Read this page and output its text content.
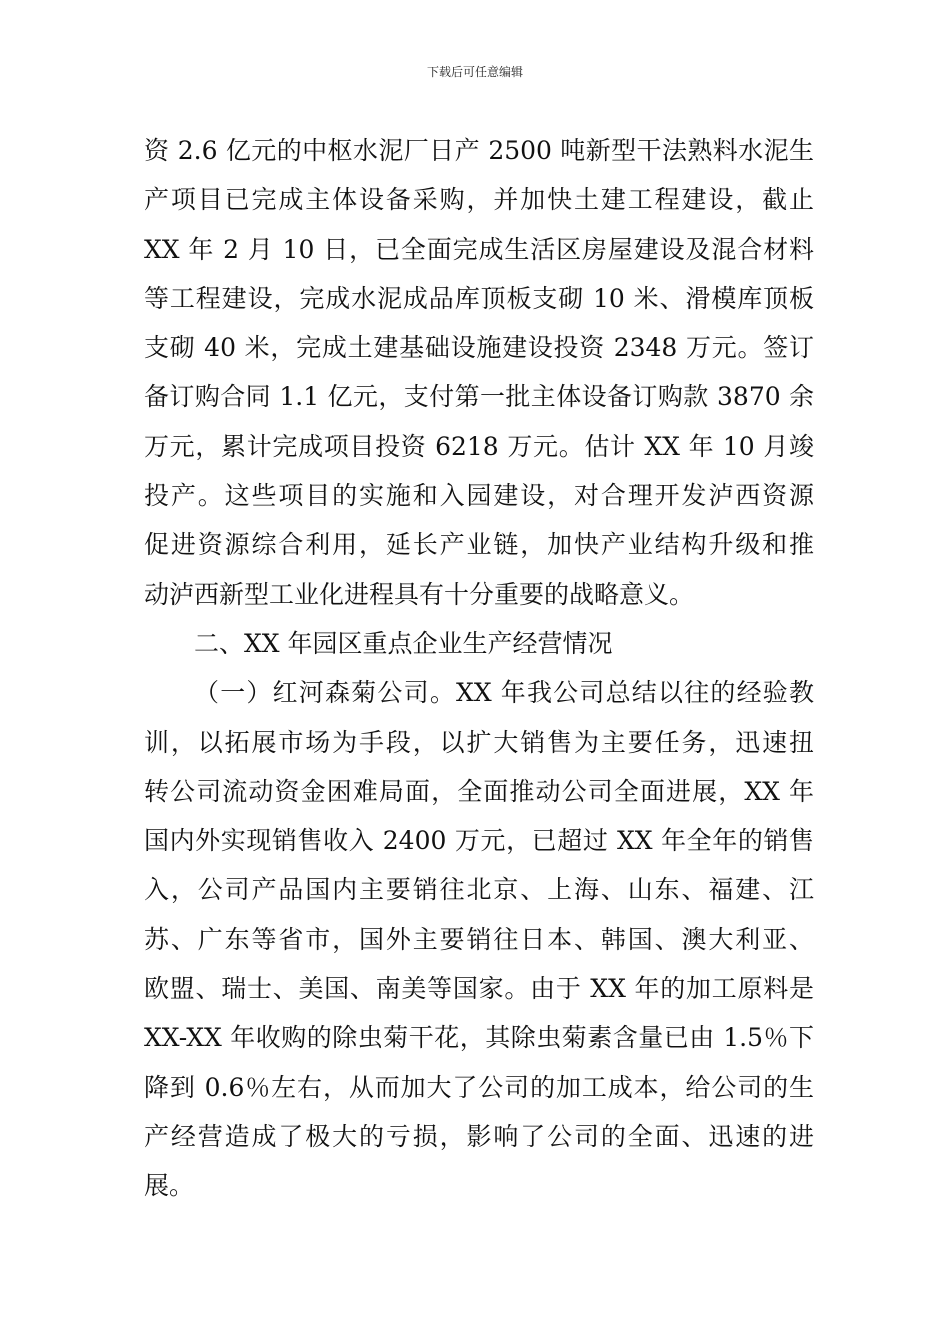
下载后可任意编辑
资 2.6 亿元的中枢水泥厂日产 2500 吨新型干法熟料水泥生
产项目已完成主体设备采购，并加快土建工程建设，截止
XX 年 2 月 10 日，已全面完成生活区房屋建设及混合材料
等工程建设，完成水泥成品库顶板支砌 10 米、滑模库顶板
支砌 40 米，完成土建基础设施建设投资 2348 万元。签订
备订购合同 1.1 亿元，支付第一批主体设备订购款 3870 余
万元，累计完成项目投资 6218 万元。估计 XX 年 10 月竣
投产。这些项目的实施和入园建设，对合理开发泸西资源
促进资源综合利用，延长产业链，加快产业结构升级和推
动泸西新型工业化进程具有十分重要的战略意义。
二、XX 年园区重点企业生产经营情况
（一）红河森菊公司。XX 年我公司总结以往的经验教
训，以拓展市场为手段，以扩大销售为主要任务，迅速扭
转公司流动资金困难局面，全面推动公司全面进展，XX 年
国内外实现销售收入 2400 万元，已超过 XX 年全年的销售
入，公司产品国内主要销往北京、上海、山东、福建、江
苏、广东等省市，国外主要销往日本、韩国、澳大利亚、
欧盟、瑞士、美国、南美等国家。由于 XX 年的加工原料是
XX-XX 年收购的除虫菊干花，其除虫菊素含量已由 1.5％下
降到 0.6％左右，从而加大了公司的加工成本，给公司的生
产经营造成了极大的亏损，影响了公司的全面、迅速的进
展。
